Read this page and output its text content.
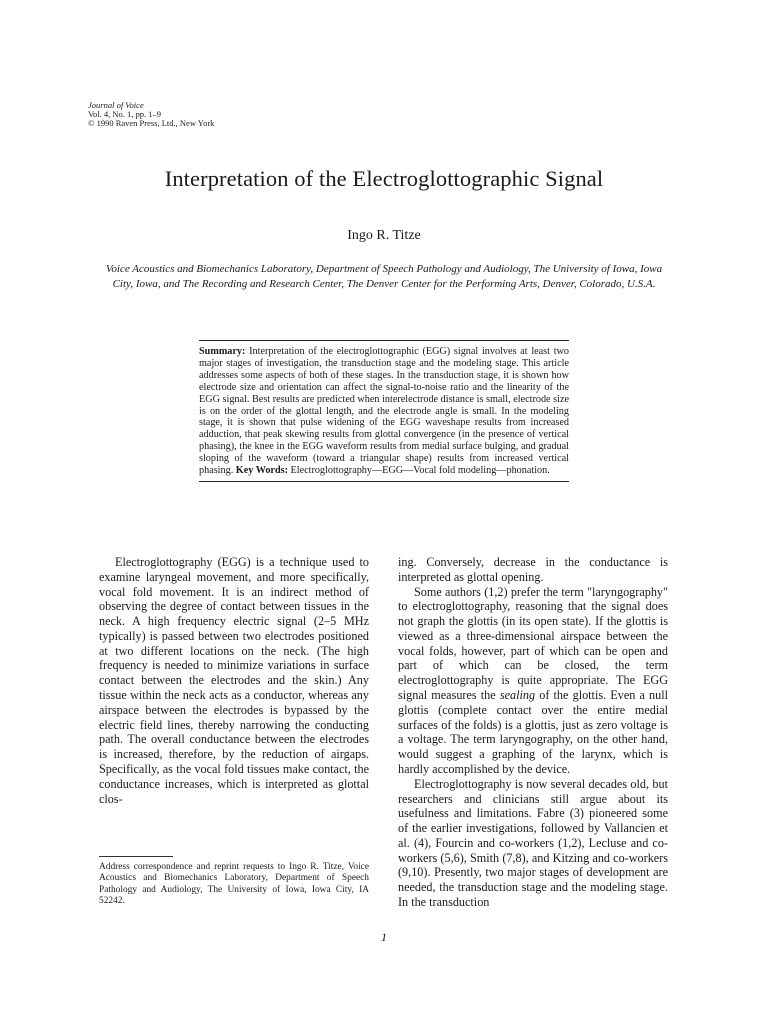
Journal of Voice
Vol. 4, No. 1, pp. 1–9
© 1990 Raven Press, Ltd., New York
Interpretation of the Electroglottographic Signal
Ingo R. Titze
Voice Acoustics and Biomechanics Laboratory, Department of Speech Pathology and Audiology, The University of Iowa, Iowa City, Iowa, and The Recording and Research Center, The Denver Center for the Performing Arts, Denver, Colorado, U.S.A.

Summary: Interpretation of the electroglottographic (EGG) signal involves at least two major stages of investigation, the transduction stage and the modeling stage. This article addresses some aspects of both of these stages. In the transduction stage, it is shown how electrode size and orientation can affect the signal-to-noise ratio and the linearity of the EGG signal. Best results are predicted when interelectrode distance is small, electrode size is on the order of the glottal length, and the electrode angle is small. In the modeling stage, it is shown that pulse widening of the EGG waveshape results from increased adduction, that peak skewing results from glottal convergence (in the presence of vertical phasing), the knee in the EGG waveform results from medial surface bulging, and gradual sloping of the waveform (toward a triangular shape) results from increased vertical phasing. Key Words: Electroglottography—EGG—Vocal fold modeling—phonation.

Electroglottography (EGG) is a technique used to examine laryngeal movement, and more specifically, vocal fold movement. It is an indirect method of observing the degree of contact between tissues in the neck. A high frequency electric signal (2–5 MHz typically) is passed between two electrodes positioned at two different locations on the neck. (The high frequency is needed to minimize variations in surface contact between the electrodes and the skin.) Any tissue within the neck acts as a conductor, whereas any airspace between the electrodes is bypassed by the electric field lines, thereby narrowing the conducting path. The overall conductance between the electrodes is increased, therefore, by the reduction of airgaps. Specifically, as the vocal fold tissues make contact, the conductance increases, which is interpreted as glottal clos-

ing. Conversely, decrease in the conductance is interpreted as glottal opening.

Some authors (1,2) prefer the term "laryngography" to electroglottography, reasoning that the signal does not graph the glottis (in its open state). If the glottis is viewed as a three-dimensional airspace between the vocal folds, however, part of which can be open and part of which can be closed, the term electroglottography is quite appropriate. The EGG signal measures the sealing of the glottis. Even a null glottis (complete contact over the entire medial surfaces of the folds) is a glottis, just as zero voltage is a voltage. The term laryngography, on the other hand, would suggest a graphing of the larynx, which is hardly accomplished by the device.

Electroglottography is now several decades old, but researchers and clinicians still argue about its usefulness and limitations. Fabre (3) pioneered some of the earlier investigations, followed by Vallancien et al. (4), Fourcin and co-workers (1,2), Lecluse and co-workers (5,6), Smith (7,8), and Kitzing and co-workers (9,10). Presently, two major stages of development are needed, the transduction stage and the modeling stage. In the transduction

Address correspondence and reprint requests to Ingo R. Titze, Voice Acoustics and Biomechanics Laboratory, Department of Speech Pathology and Audiology, The University of Iowa, Iowa City, IA 52242.
1
